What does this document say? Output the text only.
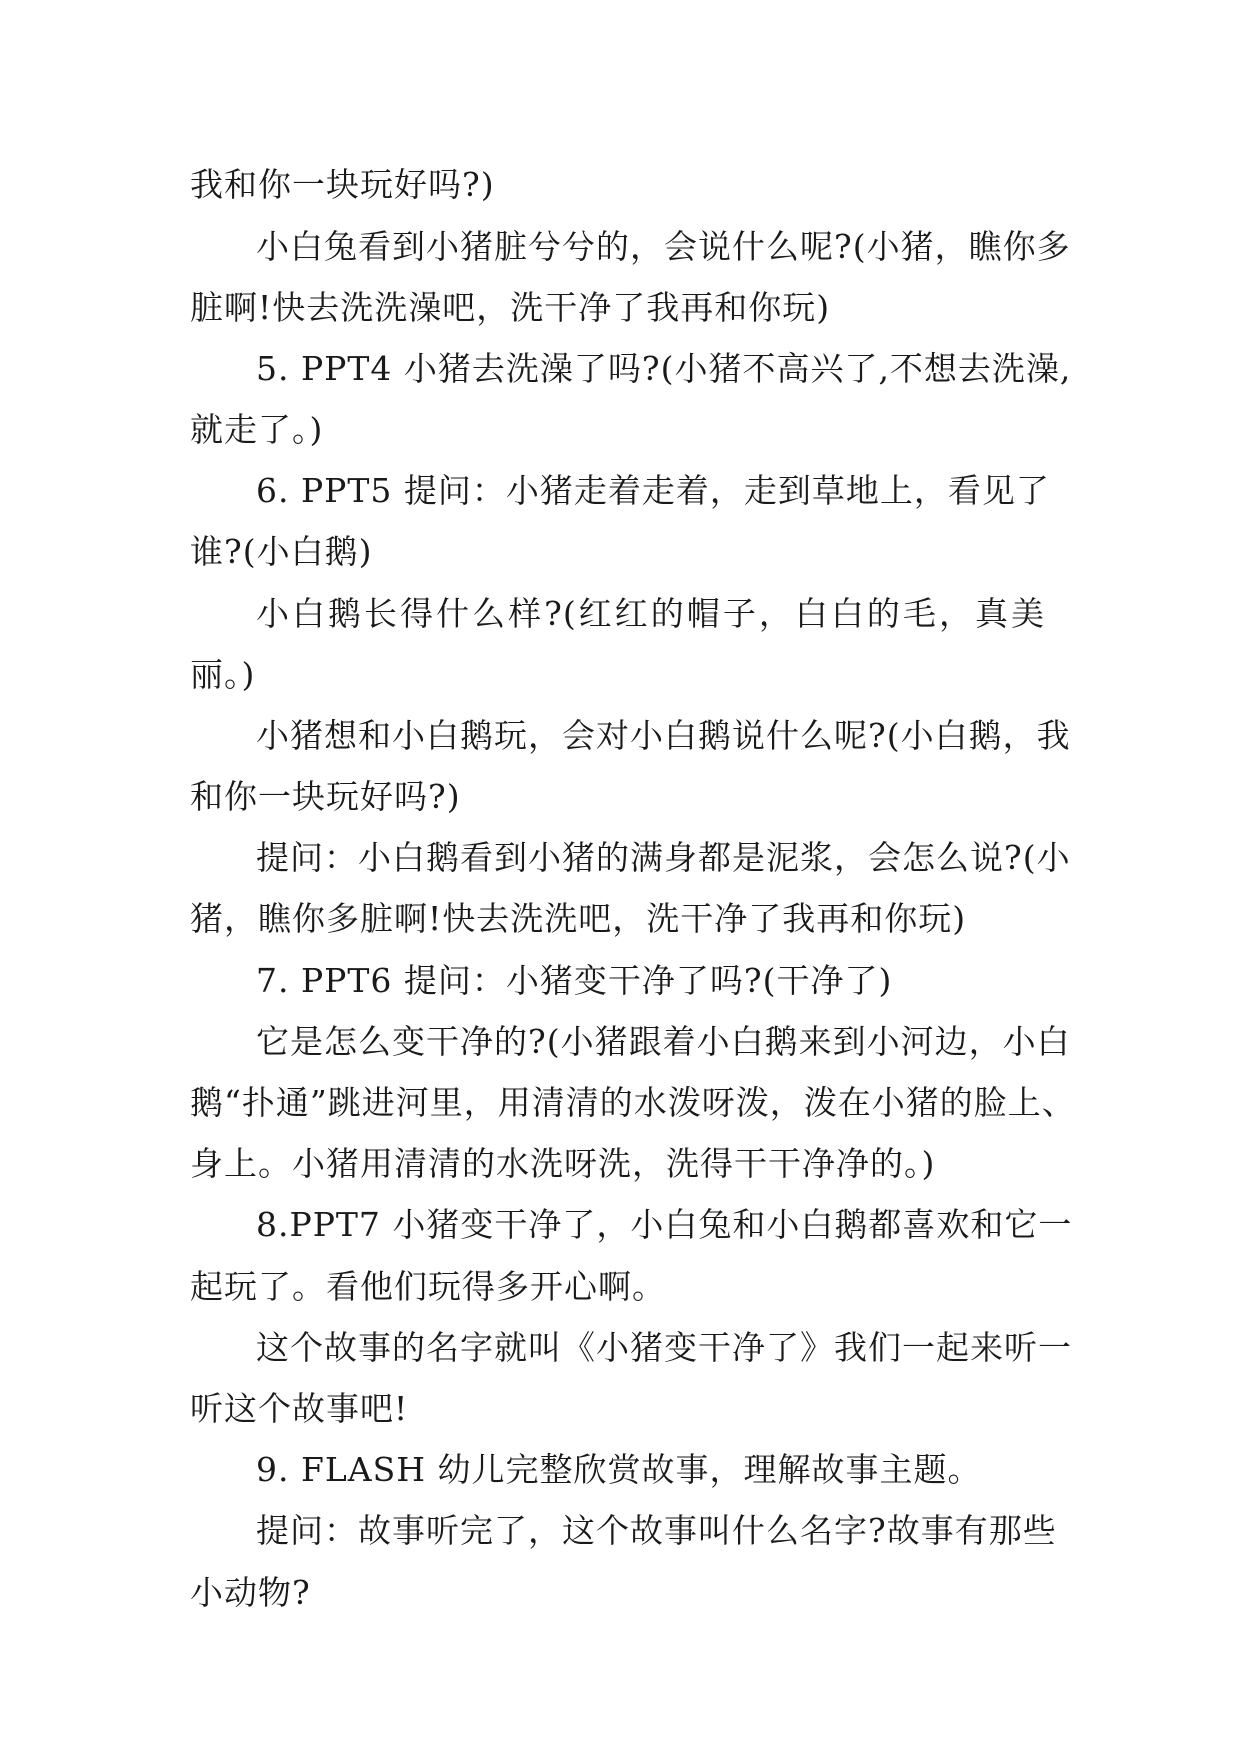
我和你一块玩好吗?)

小白兔看到小猪脏兮兮的，会说什么呢?(小猪，瞧你多

脏啊!快去洗洗澡吧，洗干净了我再和你玩)

5. PPT4 小猪去洗澡了吗?(小猪不高兴了,不想去洗澡,

就走了。)

6. PPT5 提问：小猪走着走着，走到草地上，看见了

谁?(小白鹅)

小白鹅长得什么样?(红红的帽子，白白的毛，真美

丽。)

小猪想和小白鹅玩，会对小白鹅说什么呢?(小白鹅，我

和你一块玩好吗?)

提问：小白鹅看到小猪的满身都是泥浆，会怎么说?(小

猪，瞧你多脏啊!快去洗洗吧，洗干净了我再和你玩)

7. PPT6 提问：小猪变干净了吗?(干净了)

它是怎么变干净的?(小猪跟着小白鹅来到小河边，小白

鹅“扑通”跳进河里，用清清的水泼呀泼，泼在小猪的脸上、

身上。小猪用清清的水洗呀洗，洗得干干净净的。)

8.PPT7 小猪变干净了，小白兔和小白鹅都喜欢和它一

起玩了。看他们玩得多开心啊。

这个故事的名字就叫《小猪变干净了》我们一起来听一

听这个故事吧!

9. FLASH 幼儿完整欣赏故事，理解故事主题。

提问：故事听完了，这个故事叫什么名字?故事有那些

小动物?
